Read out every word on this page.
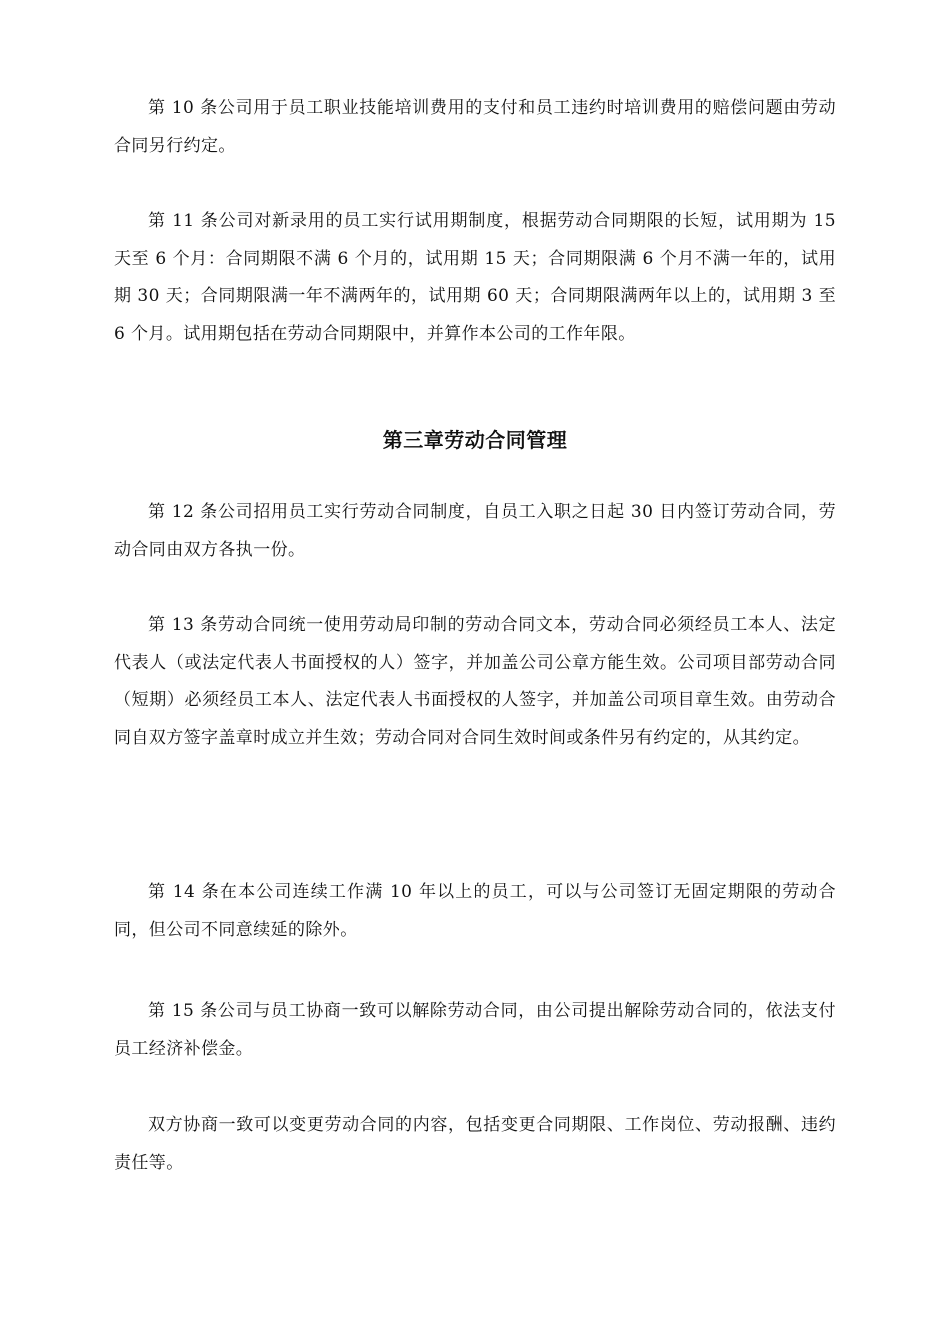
第 10 条公司用于员工职业技能培训费用的支付和员工违约时培训费用的赔偿问题由劳动合同另行约定。

第 11 条公司对新录用的员工实行试用期制度，根据劳动合同期限的长短，试用期为 15 天至 6 个月：合同期限不满 6 个月的，试用期 15 天；合同期限满 6 个月不满一年的，试用期 30 天；合同期限满一年不满两年的，试用期 60 天；合同期限满两年以上的，试用期 3 至 6 个月。试用期包括在劳动合同期限中，并算作本公司的工作年限。

第三章劳动合同管理

第 12 条公司招用员工实行劳动合同制度，自员工入职之日起 30 日内签订劳动合同，劳动合同由双方各执一份。

第 13 条劳动合同统一使用劳动局印制的劳动合同文本，劳动合同必须经员工本人、法定代表人（或法定代表人书面授权的人）签字，并加盖公司公章方能生效。公司项目部劳动合同（短期）必须经员工本人、法定代表人书面授权的人签字，并加盖公司项目章生效。由劳动合同自双方签字盖章时成立并生效；劳动合同对合同生效时间或条件另有约定的，从其约定。

第 14 条在本公司连续工作满 10 年以上的员工，可以与公司签订无固定期限的劳动合同，但公司不同意续延的除外。

第 15 条公司与员工协商一致可以解除劳动合同，由公司提出解除劳动合同的，依法支付员工经济补偿金。

双方协商一致可以变更劳动合同的内容，包括变更合同期限、工作岗位、劳动报酬、违约责任等。
